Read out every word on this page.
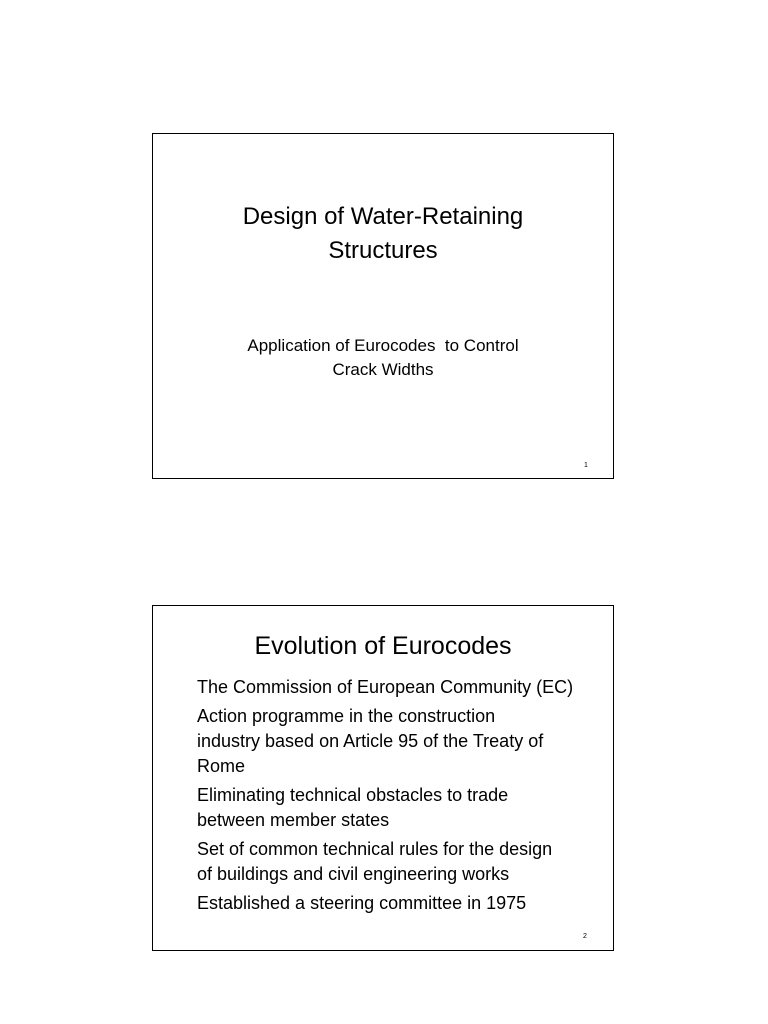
Design of Water-Retaining
Structures
Application of Eurocodes  to Control
Crack Widths
1
Evolution of Eurocodes
The Commission of European Community (EC)
Action programme in the construction
industry based on Article 95 of the Treaty of
Rome
Eliminating technical obstacles to trade
between member states
Set of common technical rules for the design
of buildings and civil engineering works
Established a steering committee in 1975
2
